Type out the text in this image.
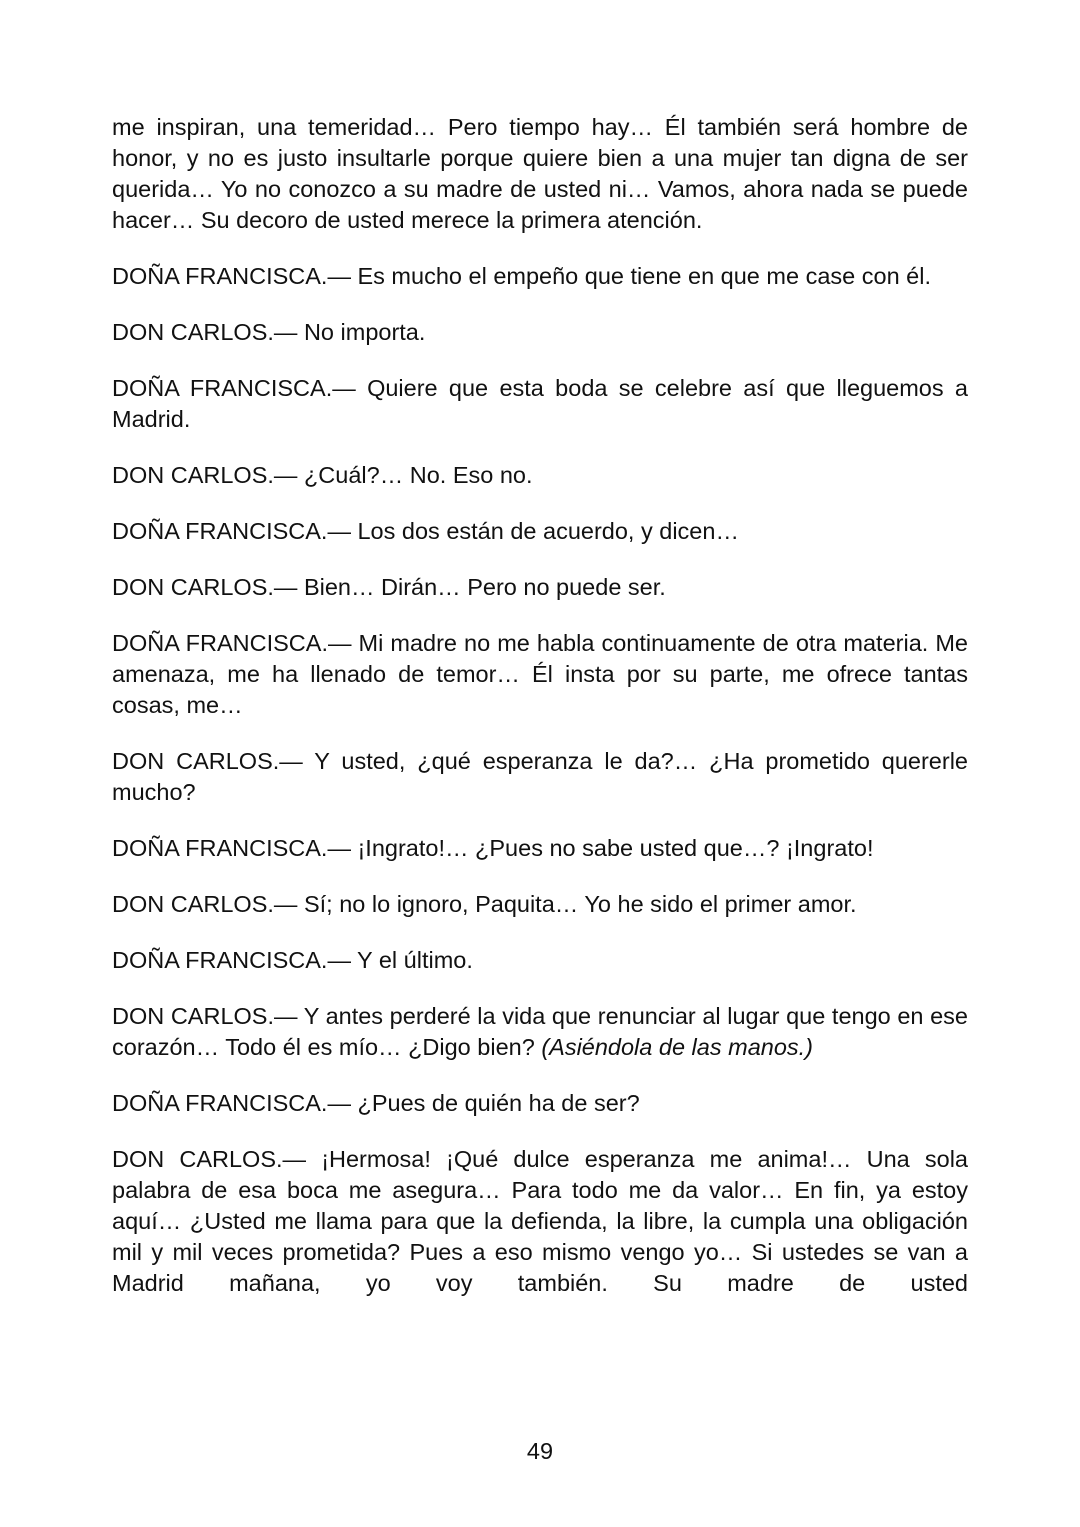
me inspiran, una temeridad… Pero tiempo hay… Él también será hombre de honor, y no es justo insultarle porque quiere bien a una mujer tan digna de ser querida… Yo no conozco a su madre de usted ni… Vamos, ahora nada se puede hacer… Su decoro de usted merece la primera atención.

DOÑA FRANCISCA.— Es mucho el empeño que tiene en que me case con él.

DON CARLOS.— No importa.

DOÑA FRANCISCA.— Quiere que esta boda se celebre así que lleguemos a Madrid.

DON CARLOS.— ¿Cuál?… No. Eso no.

DOÑA FRANCISCA.— Los dos están de acuerdo, y dicen…

DON CARLOS.— Bien… Dirán… Pero no puede ser.

DOÑA FRANCISCA.— Mi madre no me habla continuamente de otra materia. Me amenaza, me ha llenado de temor… Él insta por su parte, me ofrece tantas cosas, me…

DON CARLOS.— Y usted, ¿qué esperanza le da?… ¿Ha prometido quererle mucho?

DOÑA FRANCISCA.— ¡Ingrato!… ¿Pues no sabe usted que…? ¡Ingrato!

DON CARLOS.— Sí; no lo ignoro, Paquita… Yo he sido el primer amor.

DOÑA FRANCISCA.— Y el último.

DON CARLOS.— Y antes perderé la vida que renunciar al lugar que tengo en ese corazón… Todo él es mío… ¿Digo bien? (Asiéndola de las manos.)

DOÑA FRANCISCA.— ¿Pues de quién ha de ser?

DON CARLOS.— ¡Hermosa! ¡Qué dulce esperanza me anima!… Una sola palabra de esa boca me asegura… Para todo me da valor… En fin, ya estoy aquí… ¿Usted me llama para que la defienda, la libre, la cumpla una obligación mil y mil veces prometida? Pues a eso mismo vengo yo… Si ustedes se van a Madrid mañana, yo voy también. Su madre de usted

49
